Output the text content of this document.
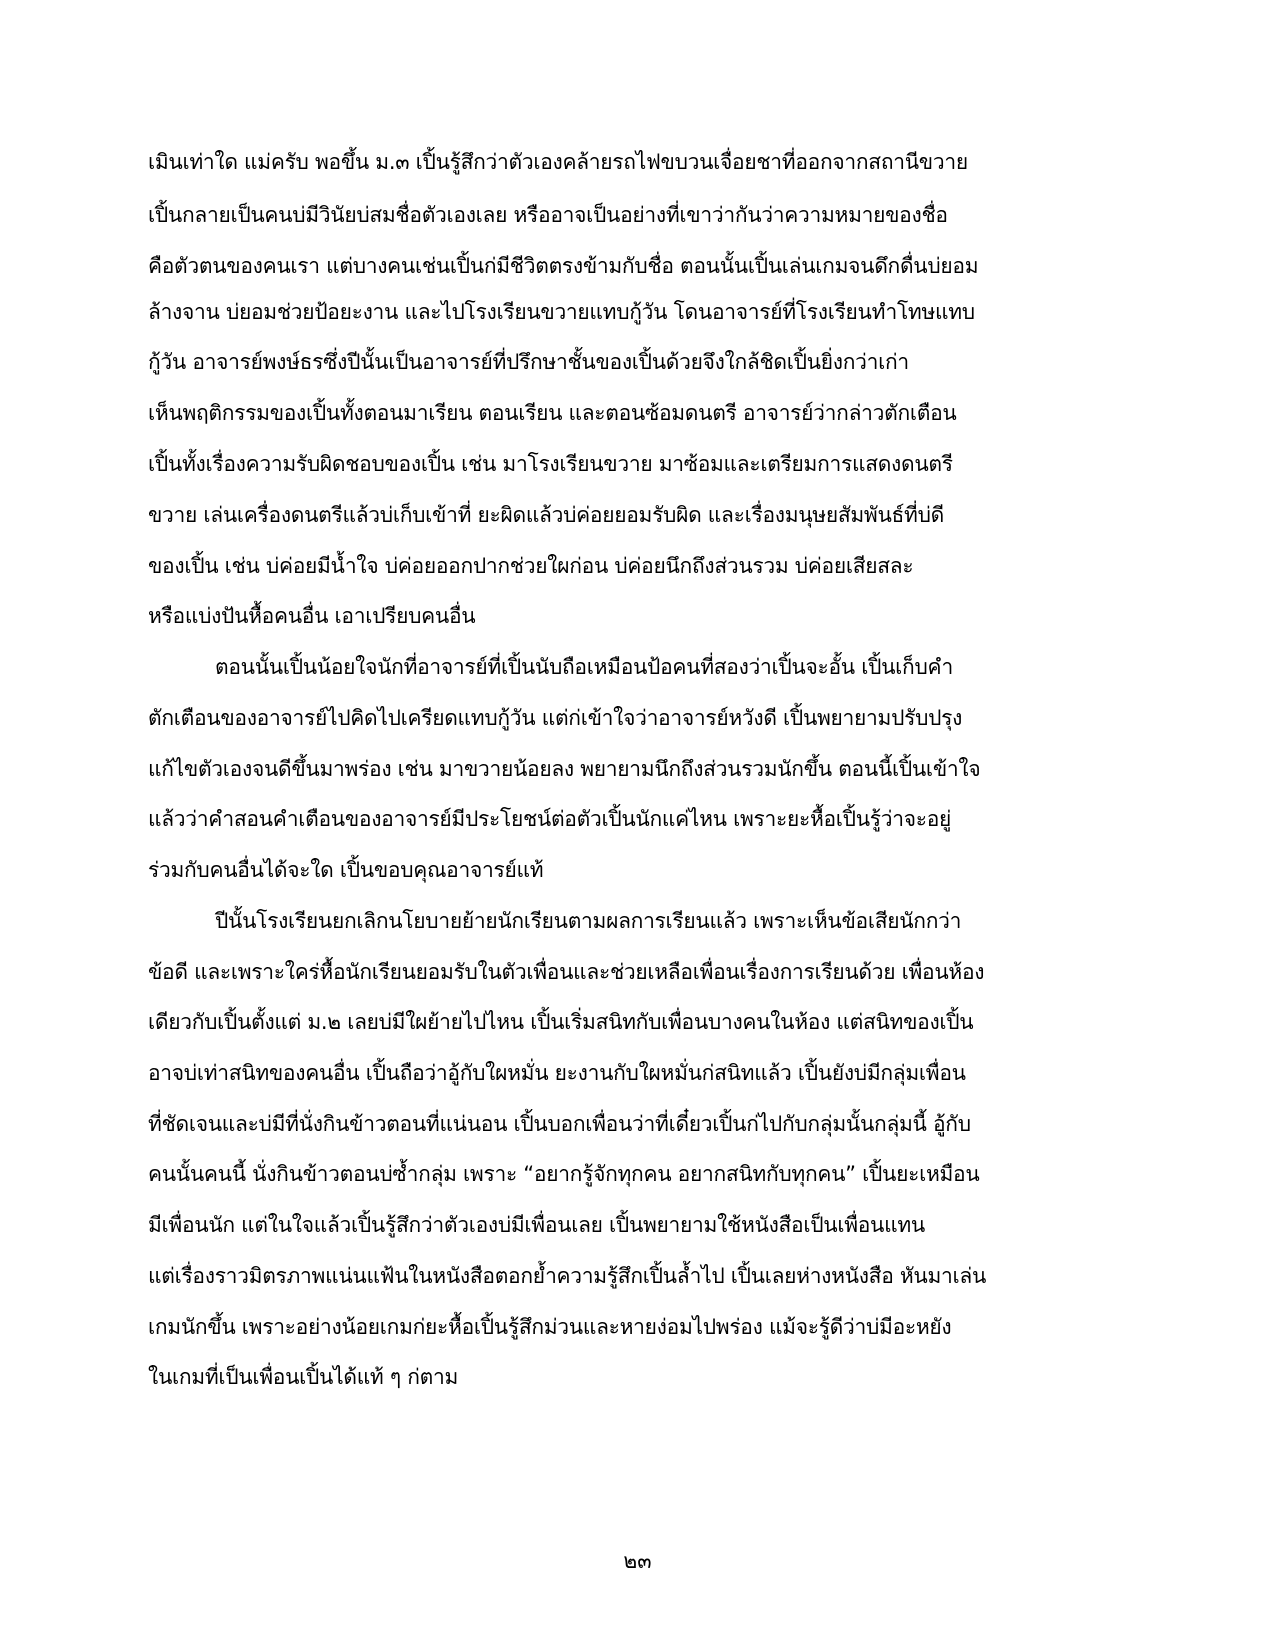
เมินเท่าใด แม่ครับ พอขึ้น ม.๓ เปิ้นรู้สึกว่าตัวเองคล้ายรถไฟขบวนเจื่อยชาที่ออกจากสถานีขวาย
เปิ้นกลายเป็นคนบ่มีวินัยบ่สมชื่อตัวเองเลย หรืออาจเป็นอย่างที่เขาว่ากันว่าความหมายของชื่อ
คือตัวตนของคนเรา แต่บางคนเช่นเปิ้นก่มีชีวิตตรงข้ามกับชื่อ ตอนนั้นเปิ้นเล่นเกมจนดึกดื่นบ่ยอม
ล้างจาน บ่ยอมช่วยป้อยะงาน และไปโรงเรียนขวายแทบกู้วัน โดนอาจารย์ที่โรงเรียนทำโทษแทบ
กู้วัน อาจารย์พงษ์ธรซึ่งปีนั้นเป็นอาจารย์ที่ปรึกษาชั้นของเปิ้นด้วยจึงใกล้ชิดเปิ้นยิ่งกว่าเก่า
เห็นพฤติกรรมของเปิ้นทั้งตอนมาเรียน ตอนเรียน และตอนซ้อมดนตรี อาจารย์ว่ากล่าวตักเตือน
เปิ้นทั้งเรื่องความรับผิดชอบของเปิ้น เช่น มาโรงเรียนขวาย มาซ้อมและเตรียมการแสดงดนตรี
ขวาย เล่นเครื่องดนตรีแล้วบ่เก็บเข้าที่ ยะผิดแล้วบ่ค่อยยอมรับผิด และเรื่องมนุษยสัมพันธ์ที่บ่ดี
ของเปิ้น เช่น บ่ค่อยมีน้ำใจ บ่ค่อยออกปากช่วยใผก่อน บ่ค่อยนึกถึงส่วนรวม บ่ค่อยเสียสละ
หรือแบ่งปันหื้อคนอื่น เอาเปรียบคนอื่น
ตอนนั้นเปิ้นน้อยใจนักที่อาจารย์ที่เปิ้นนับถือเหมือนป้อคนที่สองว่าเปิ้นจะอั้น เปิ้นเก็บคำ
ตักเตือนของอาจารย์ไปคิดไปเครียดแทบกู้วัน แต่ก่เข้าใจว่าอาจารย์หวังดี เปิ้นพยายามปรับปรุง
แก้ไขตัวเองจนดีขึ้นมาพร่อง เช่น มาขวายน้อยลง พยายามนึกถึงส่วนรวมนักขึ้น ตอนนี้เปิ้นเข้าใจ
แล้วว่าคำสอนคำเตือนของอาจารย์มีประโยชน์ต่อตัวเปิ้นนักแค่ไหน เพราะยะหื้อเปิ้นรู้ว่าจะอยู่
ร่วมกับคนอื่นได้จะใด เปิ้นขอบคุณอาจารย์แท้
ปีนั้นโรงเรียนยกเลิกนโยบายย้ายนักเรียนตามผลการเรียนแล้ว เพราะเห็นข้อเสียนักกว่า
ข้อดี และเพราะใคร่หื้อนักเรียนยอมรับในตัวเพื่อนและช่วยเหลือเพื่อนเรื่องการเรียนด้วย เพื่อนห้อง
เดียวกับเปิ้นตั้งแต่ ม.๒ เลยบ่มีใผย้ายไปไหน เปิ้นเริ่มสนิทกับเพื่อนบางคนในห้อง แต่สนิทของเปิ้น
อาจบ่เท่าสนิทของคนอื่น เปิ้นถือว่าอู้กับใผหมั่น ยะงานกับใผหมั่นก่สนิทแล้ว เปิ้นยังบ่มีกลุ่มเพื่อน
ที่ชัดเจนและบ่มีที่นั่งกินข้าวตอนที่แน่นอน เปิ้นบอกเพื่อนว่าที่เดี๋ยวเปิ้นก่ไปกับกลุ่มนั้นกลุ่มนี้ อู้กับ
คนนั้นคนนี้ นั่งกินข้าวตอนบ่ซ้ำกลุ่ม เพราะ “อยากรู้จักทุกคน อยากสนิทกับทุกคน” เปิ้นยะเหมือน
มีเพื่อนนัก แต่ในใจแล้วเปิ้นรู้สึกว่าตัวเองบ่มีเพื่อนเลย เปิ้นพยายามใช้หนังสือเป็นเพื่อนแทน
แต่เรื่องราวมิตรภาพแน่นแฟ้นในหนังสือตอกย้ำความรู้สึกเปิ้นล้ำไป เปิ้นเลยห่างหนังสือ หันมาเล่น
เกมนักขึ้น เพราะอย่างน้อยเกมก่ยะหื้อเปิ้นรู้สึกม่วนและหายง่อมไปพร่อง แม้จะรู้ดีว่าบ่มีอะหยัง
ในเกมที่เป็นเพื่อนเปิ้นได้แท้ ๆ ก่ตาม
๒๓
